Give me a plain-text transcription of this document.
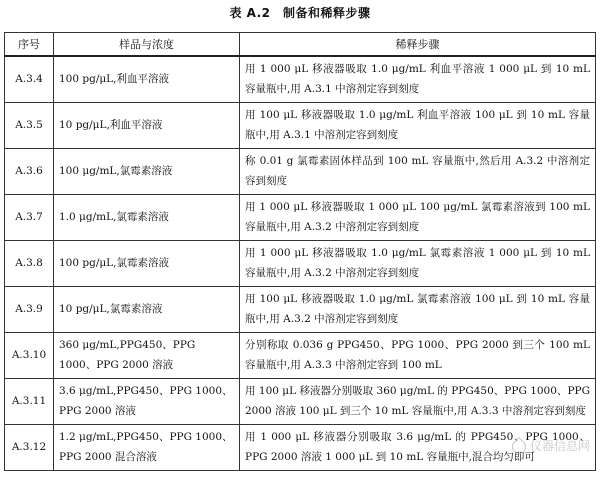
表 A.2　制备和稀释步骤
序号	样品与浓度	稀释步骤
A.3.4	100 pg/μL,利血平溶液	用 1 000 μL 移液器吸取 1.0 μg/mL 利血平溶液 1 000 μL 到 10 mL 容量瓶中,用 A.3.1 中溶剂定容到刻度
A.3.5	10 pg/μL,利血平溶液	用 100 μL 移液器吸取 1.0 μg/mL 利血平溶液 100 μL 到 10 mL 容量瓶中,用 A.3.1 中溶剂定容到刻度
A.3.6	100 μg/mL,氯霉素溶液	称 0.01 g 氯霉素固体样品到 100 mL 容量瓶中,然后用 A.3.2 中溶剂定容到刻度
A.3.7	1.0 μg/mL,氯霉素溶液	用 1 000 μL 移液器吸取 1 000 μL 100 μg/mL 氯霉素溶液到 100 mL 容量瓶中,用 A.3.2 中溶剂定容到刻度
A.3.8	100 pg/μL,氯霉素溶液	用 1 000 μL 移液器吸取 1.0 μg/mL 氯霉素溶液 1 000 μL 到 10 mL 容量瓶中,用 A.3.2 中溶剂定容到刻度
A.3.9	10 pg/μL,氯霉素溶液	用 100 μL 移液器吸取 1.0 μg/mL 氯霉素溶液 100 μL 到 10 mL 容量瓶中,用 A.3.2 中溶剂定容到刻度
A.3.10	360 μg/mL,PPG450、PPG 1000、PPG 2000 溶液	分别称取 0.036 g PPG450、PPG 1000、PPG 2000 到三个 100 mL 容量瓶中,用 A.3.3 中溶剂定容到 100 mL
A.3.11	3.6 μg/mL,PPG450、PPG 1000、PPG 2000 溶液	用 100 μL 移液器分别吸取 360 μg/mL 的 PPG450、PPG 1000、PPG 2000 溶液 100 μL 到三个 10 mL 容量瓶中,用 A.3.3 中溶剂定容到刻度
A.3.12	1.2 μg/mL,PPG450、PPG 1000、PPG 2000 混合溶液	用 1 000 μL 移液器分别吸取 3.6 μg/mL 的 PPG450、PPG 1000、PPG 2000 溶液 1 000 μL 到 10 mL 容量瓶中,混合均匀即可
仪器信息网
